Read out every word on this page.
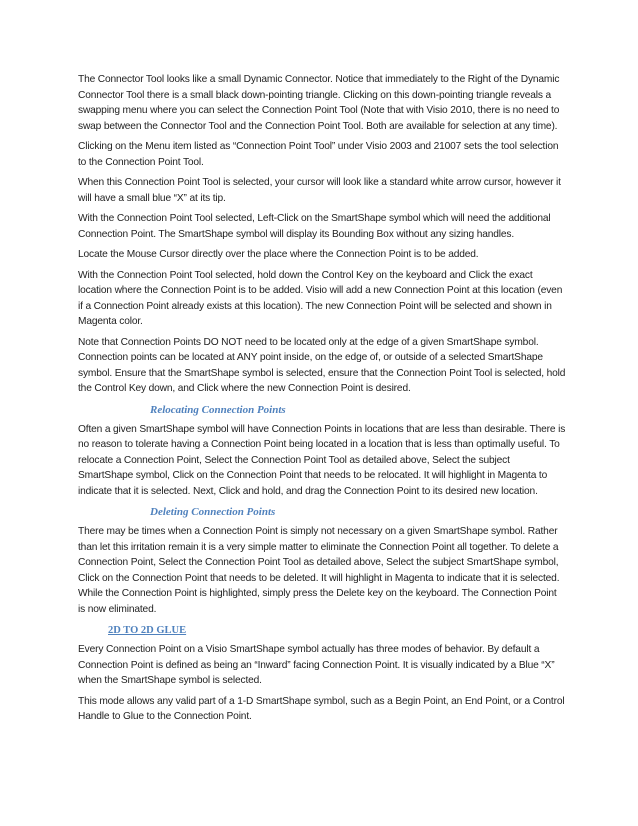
The Connector Tool looks like a small Dynamic Connector. Notice that immediately to the Right of the Dynamic Connector Tool there is a small black down-pointing triangle. Clicking on this down-pointing triangle reveals a swapping menu where you can select the Connection Point Tool (Note that with Visio 2010, there is no need to swap between the Connector Tool and the Connection Point Tool. Both are available for selection at any time).

Clicking on the Menu item listed as “Connection Point Tool” under Visio 2003 and 21007 sets the tool selection to the Connection Point Tool.

When this Connection Point Tool is selected, your cursor will look like a standard white arrow cursor, however it will have a small blue “X” at its tip.

With the Connection Point Tool selected, Left-Click on the SmartShape symbol which will need the additional Connection Point. The SmartShape symbol will display its Bounding Box without any sizing handles.

Locate the Mouse Cursor directly over the place where the Connection Point is to be added.

With the Connection Point Tool selected, hold down the Control Key on the keyboard and Click the exact location where the Connection Point is to be added. Visio will add a new Connection Point at this location (even if a Connection Point already exists at this location). The new Connection Point will be selected and shown in Magenta color.

Note that Connection Points DO NOT need to be located only at the edge of a given SmartShape symbol. Connection points can be located at ANY point inside, on the edge of, or outside of a selected SmartShape symbol. Ensure that the SmartShape symbol is selected, ensure that the Connection Point Tool is selected, hold the Control Key down, and Click where the new Connection Point is desired.

Relocating Connection Points

Often a given SmartShape symbol will have Connection Points in locations that are less than desirable. There is no reason to tolerate having a Connection Point being located in a location that is less than optimally useful. To relocate a Connection Point, Select the Connection Point Tool as detailed above, Select the subject SmartShape symbol, Click on the Connection Point that needs to be relocated. It will highlight in Magenta to indicate that it is selected. Next, Click and hold, and drag the Connection Point to its desired new location.

Deleting Connection Points

There may be times when a Connection Point is simply not necessary on a given SmartShape symbol. Rather than let this irritation remain it is a very simple matter to eliminate the Connection Point all together. To delete a Connection Point, Select the Connection Point Tool as detailed above, Select the subject SmartShape symbol, Click on the Connection Point that needs to be deleted. It will highlight in Magenta to indicate that it is selected. While the Connection Point is highlighted, simply press the Delete key on the keyboard. The Connection Point is now eliminated.

2D TO 2D GLUE

Every Connection Point on a Visio SmartShape symbol actually has three modes of behavior. By default a Connection Point is defined as being an “Inward” facing Connection Point. It is visually indicated by a Blue “X” when the SmartShape symbol is selected.

This mode allows any valid part of a 1-D SmartShape symbol, such as a Begin Point, an End Point, or a Control Handle to Glue to the Connection Point.
